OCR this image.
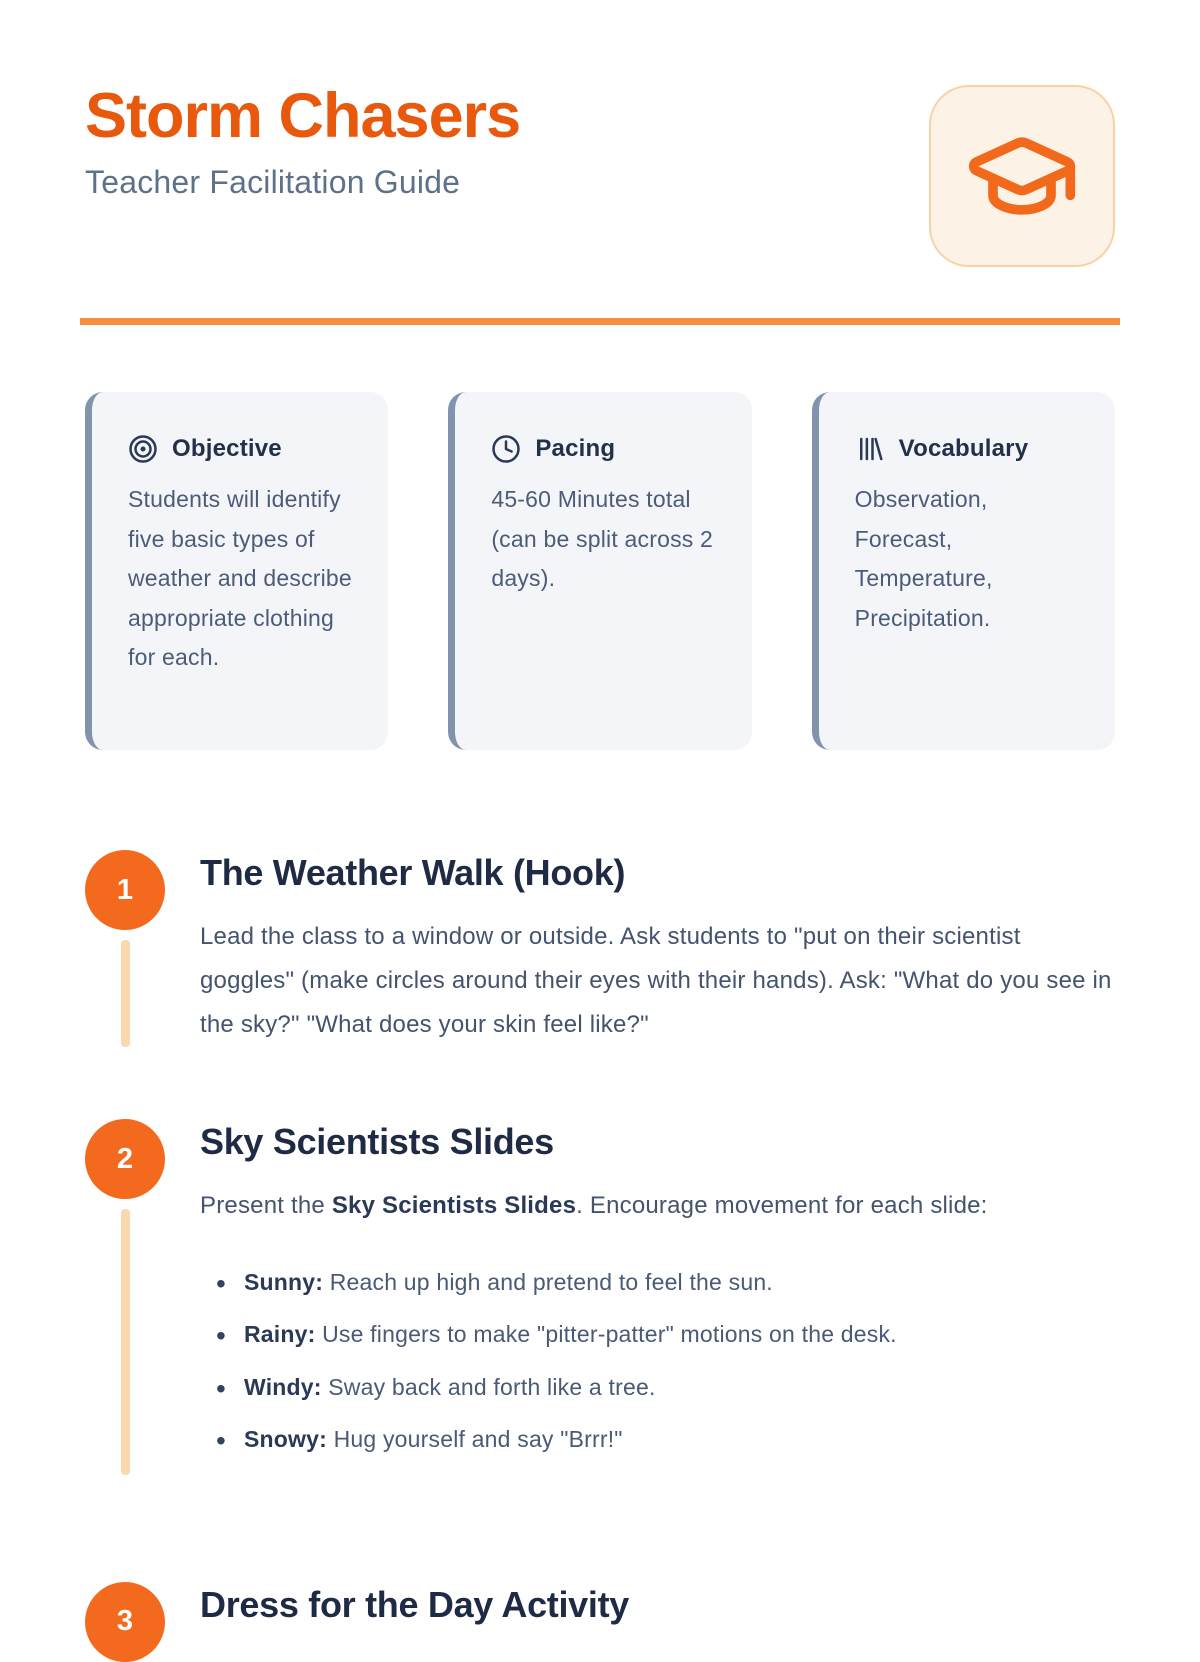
Storm Chasers
Teacher Facilitation Guide
Objective

Students will identify five basic types of weather and describe appropriate clothing for each.

Pacing

45-60 Minutes total (can be split across 2 days).

Vocabulary

Observation, Forecast, Temperature, Precipitation.

1	The Weather Walk (Hook)

Lead the class to a window or outside. Ask students to "put on their scientist goggles" (make circles around their eyes with their hands). Ask: "What do you see in the sky?" "What does your skin feel like?"

2	Sky Scientists Slides

Present the Sky Scientists Slides. Encourage movement for each slide:

• Sunny: Reach up high and pretend to feel the sun.
• Rainy: Use fingers to make "pitter-patter" motions on the desk.
• Windy: Sway back and forth like a tree.
• Snowy: Hug yourself and say "Brrr!"
3	Dress for the Day Activity
